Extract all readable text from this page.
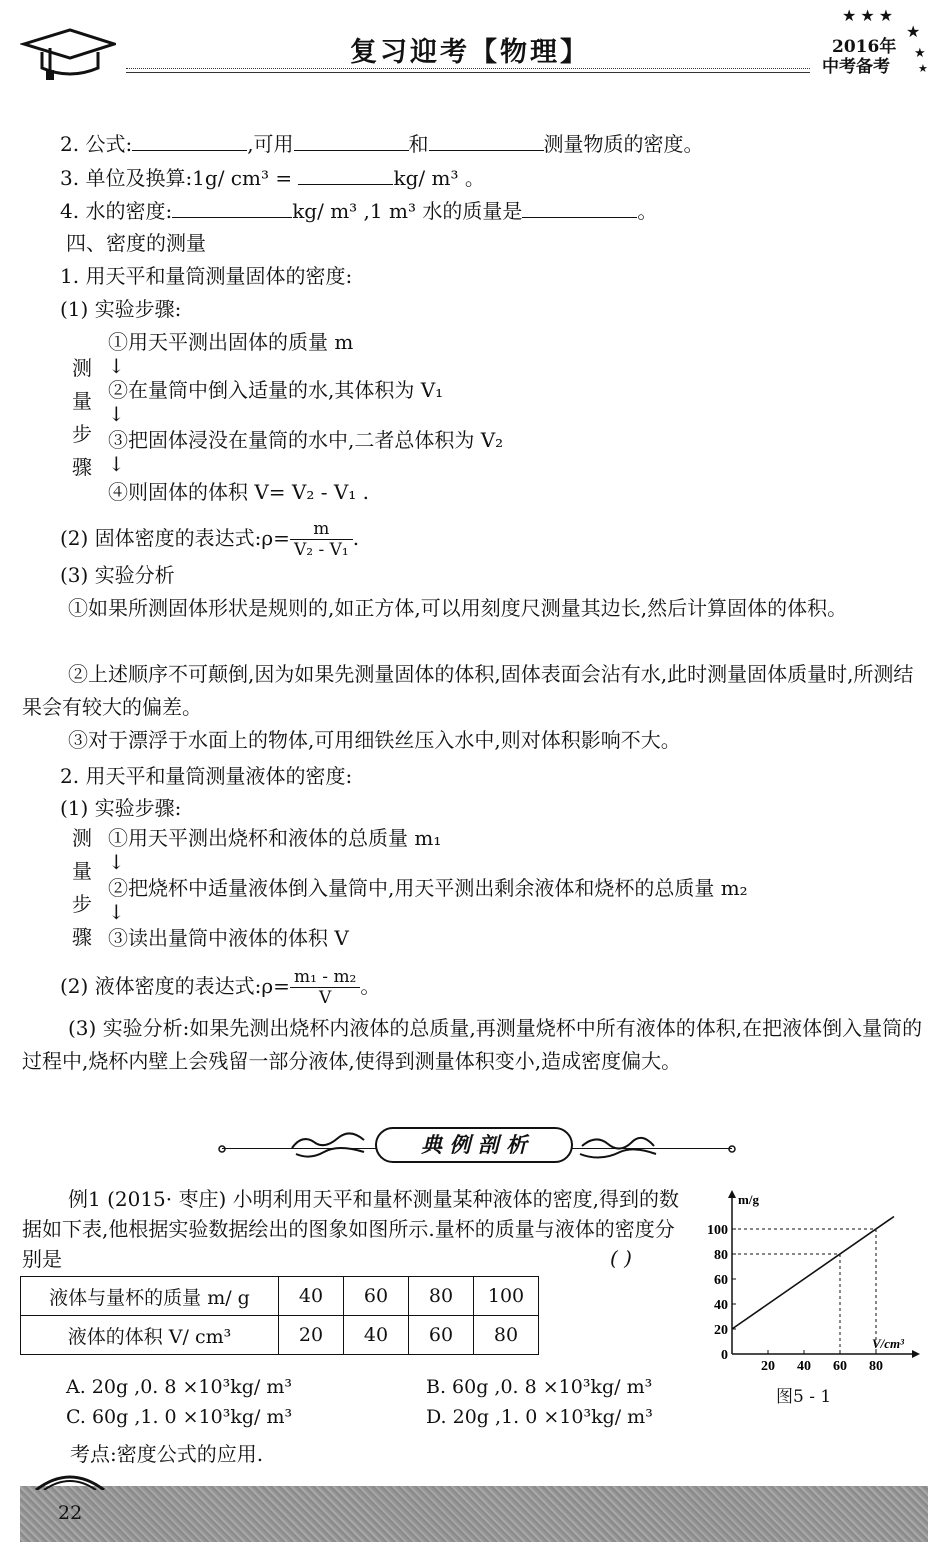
复习迎考【物理】
★★★
★
★
★
2016年
中考备考
2. 公式:	,可用	和	测量物质的密度。
3. 单位及换算:1g/ cm³ =	kg/ m³ 。
4. 水的密度:	kg/ m³ ,1 m³ 水的质量是	。
四、密度的测量
1. 用天平和量筒测量固体的密度:
(1) 实验步骤:
测
量
步
骤
①用天平测出固体的质量 m
↓
②在量筒中倒入适量的水,其体积为 V₁
↓
③把固体浸没在量筒的水中,二者总体积为 V₂
↓
④则固体的体积 V= V₂ - V₁ .
(2) 固体密度的表达式:ρ= $\frac{m}{\text{V₂ - V₁}}$ .
(3) 实验分析
①如果所测固体形状是规则的,如正方体,可以用刻度尺测量其边长,然后计算固体的体积。
②上述顺序不可颠倒,因为如果先测量固体的体积,固体表面会沾有水,此时测量固体质量时,所测结果会有较大的偏差。
③对于漂浮于水面上的物体,可用细铁丝压入水中,则对体积影响不大。
2. 用天平和量筒测量液体的密度:
(1) 实验步骤:
测
量
步
骤
①用天平测出烧杯和液体的总质量 m₁
↓
②把烧杯中适量液体倒入量筒中,用天平测出剩余液体和烧杯的总质量 m₂
↓
③读出量筒中液体的体积 V
(2) 液体密度的表达式:ρ= $\frac{\text{m₁ - m₂}}{V}$ 。
(3) 实验分析:如果先测出烧杯内液体的总质量,再测量烧杯中所有液体的体积,在把液体倒入量筒的过程中,烧杯内壁上会残留一部分液体,使得到测量体积变小,造成密度偏大。
典 例 剖 析
例1 (2015· 枣庄) 小明利用天平和量杯测量某种液体的密度,得到的数据如下表,他根据实验数据绘出的图象如图所示.量杯的质量与液体的密度分别是	( )
液体与量杯的质量 m/ g	40	60	80	100
液体的体积 V/ cm³	20	40	60	80
A. 20g ,0. 8 ×10³kg/ m³	B. 60g ,0. 8 ×10³kg/ m³
C. 60g ,1. 0 ×10³kg/ m³	D. 20g ,1. 0 ×10³kg/ m³
考点:密度公式的应用.
m/g
V/cm³
20 40 60 80
0
20
40
60
80
100
图5 - 1
22
